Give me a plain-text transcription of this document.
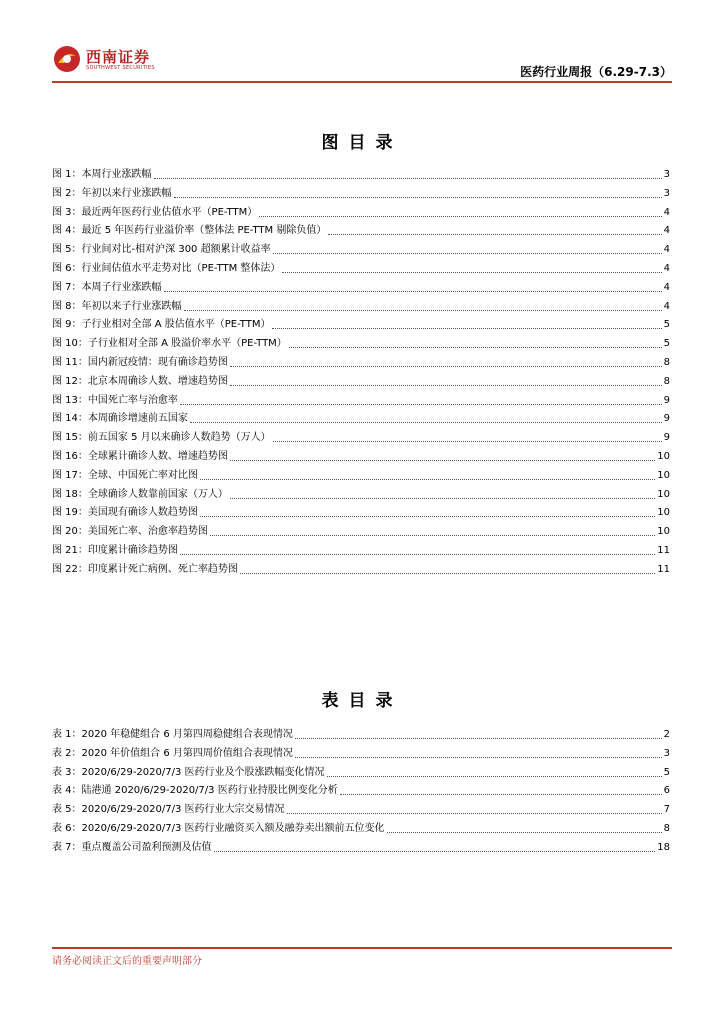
西南证券
SOUTHWEST SECURITIES	医药行业周报（6.29-7.3）
图目录
图 1：本周行业涨跌幅	3
图 2：年初以来行业涨跌幅	3
图 3：最近两年医药行业估值水平（PE-TTM）	4
图 4：最近 5 年医药行业溢价率（整体法 PE-TTM 剔除负值）	4
图 5：行业间对比-相对沪深 300 超额累计收益率	4
图 6：行业间估值水平走势对比（PE-TTM 整体法）	4
图 7：本周子行业涨跌幅	4
图 8：年初以来子行业涨跌幅	4
图 9：子行业相对全部 A 股估值水平（PE-TTM）	5
图 10：子行业相对全部 A 股溢价率水平（PE-TTM）	5
图 11：国内新冠疫情：现有确诊趋势图	8
图 12：北京本周确诊人数、增速趋势图	8
图 13：中国死亡率与治愈率	9
图 14：本周确诊增速前五国家	9
图 15：前五国家 5 月以来确诊人数趋势（万人）	9
图 16：全球累计确诊人数、增速趋势图	10
图 17：全球、中国死亡率对比图	10
图 18：全球确诊人数靠前国家（万人）	10
图 19：美国现有确诊人数趋势图	10
图 20：美国死亡率、治愈率趋势图	10
图 21：印度累计确诊趋势图	11
图 22：印度累计死亡病例、死亡率趋势图	11
表目录
表 1：2020 年稳健组合 6 月第四周稳健组合表现情况	2
表 2：2020 年价值组合 6 月第四周价值组合表现情况	3
表 3：2020/6/29-2020/7/3 医药行业及个股涨跌幅变化情况	5
表 4：陆港通 2020/6/29-2020/7/3 医药行业持股比例变化分析	6
表 5：2020/6/29-2020/7/3 医药行业大宗交易情况	7
表 6：2020/6/29-2020/7/3 医药行业融资买入额及融券卖出额前五位变化	8
表 7：重点覆盖公司盈利预测及估值	18
请务必阅读正文后的重要声明部分
